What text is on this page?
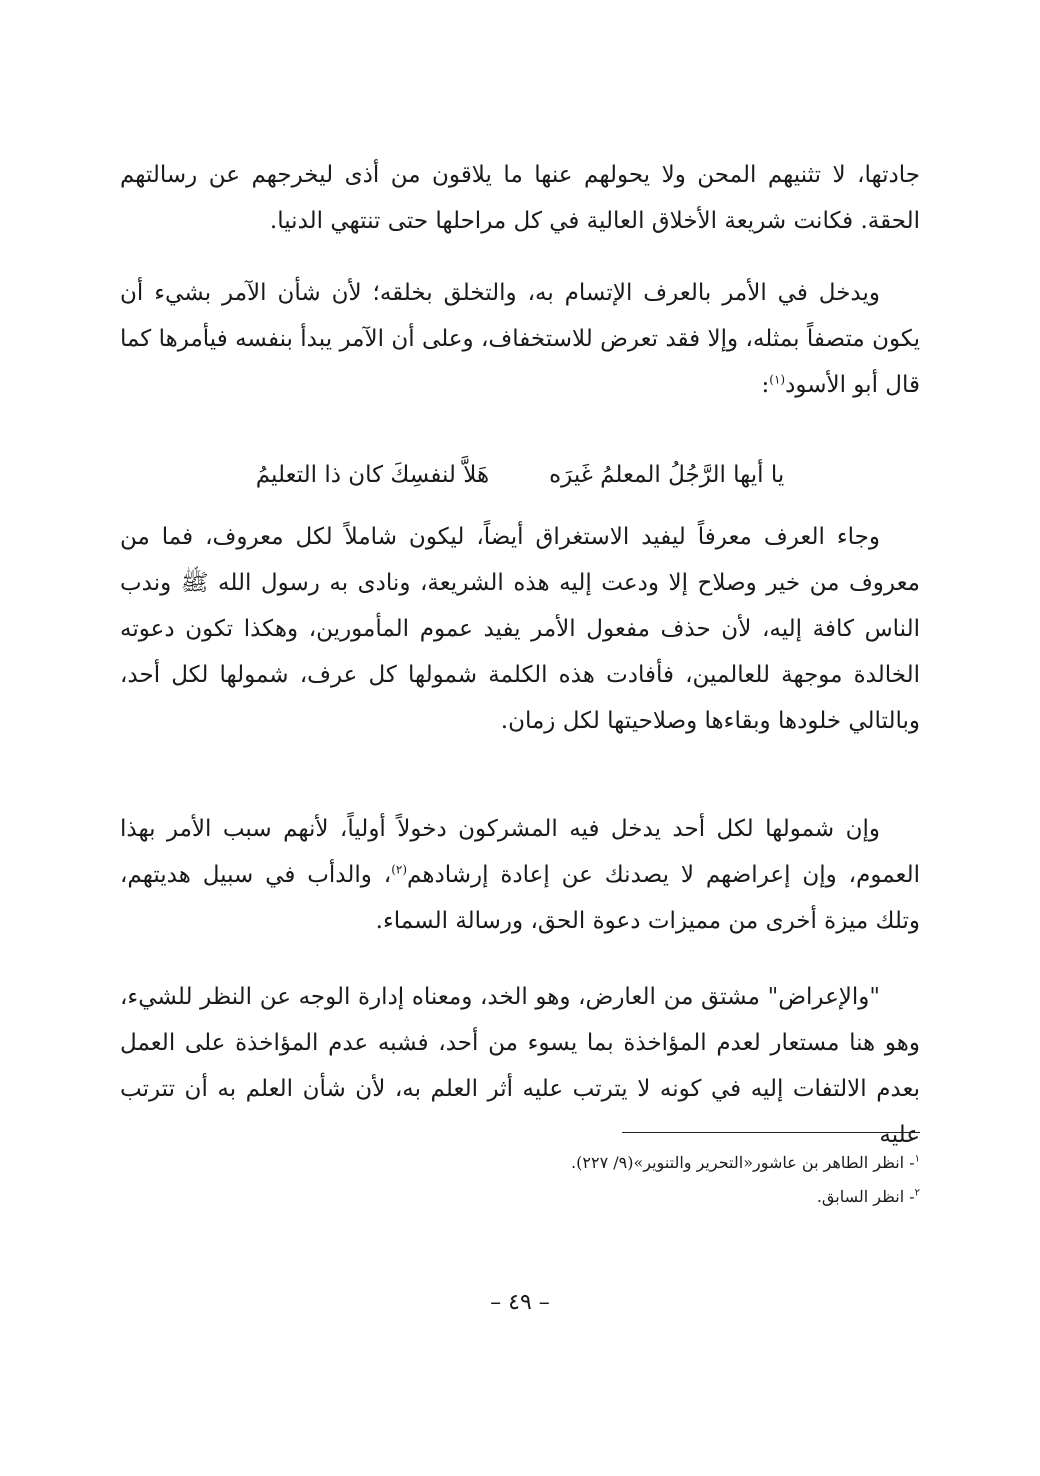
جادتها، لا تثنيهم المحن ولا يحولهم عنها ما يلاقون من أذى ليخرجهم عن رسالتهم الحقة. فكانت شريعة الأخلاق العالية في كل مراحلها حتى تنتهي الدنيا.

ويدخل في الأمر بالعرف الإتسام به، والتخلق بخلقه؛ لأن شأن الآمر بشيء أن يكون متصفاً بمثله، وإلا فقد تعرض للاستخفاف، وعلى أن الآمر يبدأ بنفسه فيأمرها كما قال أبو الأسود$^{(١)}$:

يا أيها الرَّجُلُ المعلمُ غَيرَه
هَلاَّ لنفسِكَ كان ذا التعليمُ

وجاء العرف معرفاً ليفيد الاستغراق أيضاً، ليكون شاملاً لكل معروف، فما من معروف من خير وصلاح إلا ودعت إليه هذه الشريعة، ونادى به رسول الله ﷺ وندب الناس كافة إليه، لأن حذف مفعول الأمر يفيد عموم المأمورين، وهكذا تكون دعوته الخالدة موجهة للعالمين، فأفادت هذه الكلمة شمولها كل عرف، شمولها لكل أحد، وبالتالي خلودها وبقاءها وصلاحيتها لكل زمان.

وإن شمولها لكل أحد يدخل فيه المشركون دخولاً أولياً، لأنهم سبب الأمر بهذا العموم، وإن إعراضهم لا يصدنك عن إعادة إرشادهم$^{(٢)}$، والدأب في سبيل هديتهم، وتلك ميزة أخرى من مميزات دعوة الحق، ورسالة السماء.

"والإعراض" مشتق من العارض، وهو الخد، ومعناه إدارة الوجه عن النظر للشيء، وهو هنا مستعار لعدم المؤاخذة بما يسوء من أحد، فشبه عدم المؤاخذة على العمل بعدم الالتفات إليه في كونه لا يترتب عليه أثر العلم به، لأن شأن العلم به أن تترتب عليه

$^١$- انظر الطاهر بن عاشور«التحرير والتنوير»(٩/ ٢٢٧).

$^٢$- انظر السابق.

– ٤٩ –
